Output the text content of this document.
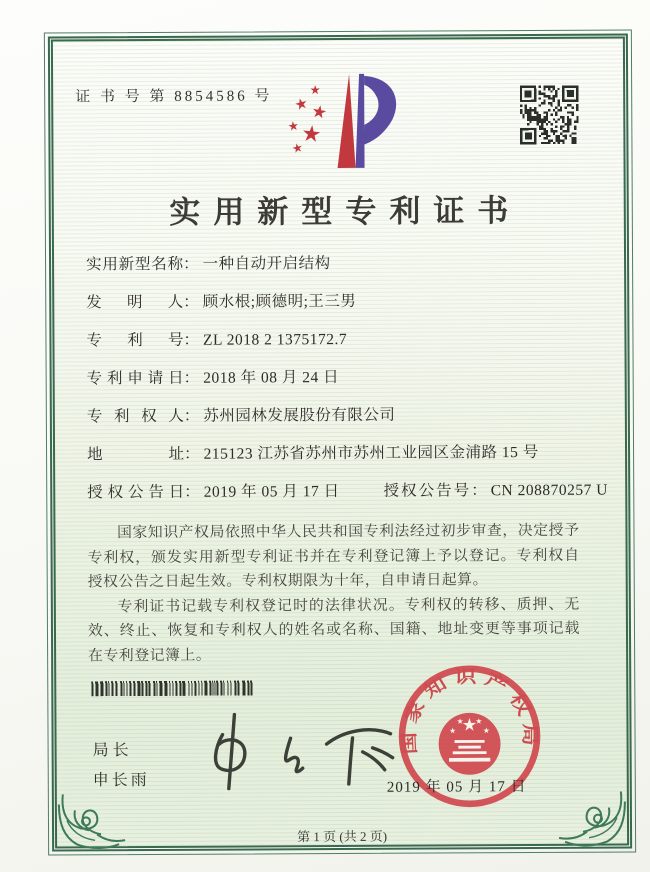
证 书 号 第 8854586 号
实用新型专利证书
实用新型名称： 一种自动开启结构
发明人： 顾水根;顾德明;王三男
专利号： ZL 2018 2 1375172.7
专利申请日： 2018 年 08 月 24 日
专利权人： 苏州园林发展股份有限公司
地址： 215123 江苏省苏州市苏州工业园区金浦路 15 号
授权公告日： 2019 年 05 月 17 日	授权公告号： CN 208870257 U

国家知识产权局依照中华人民共和国专利法经过初步审查，决定授予专利权，颁发实用新型专利证书并在专利登记簿上予以登记。专利权自授权公告之日起生效。专利权期限为十年，自申请日起算。

专利证书记载专利权登记时的法律状况。专利权的转移、质押、无效、终止、恢复和专利权人的姓名或名称、国籍、地址变更等事项记载在专利登记簿上。

局长
申长雨
国家知识产权局
2019 年 05 月 17 日
第 1 页 (共 2 页)
